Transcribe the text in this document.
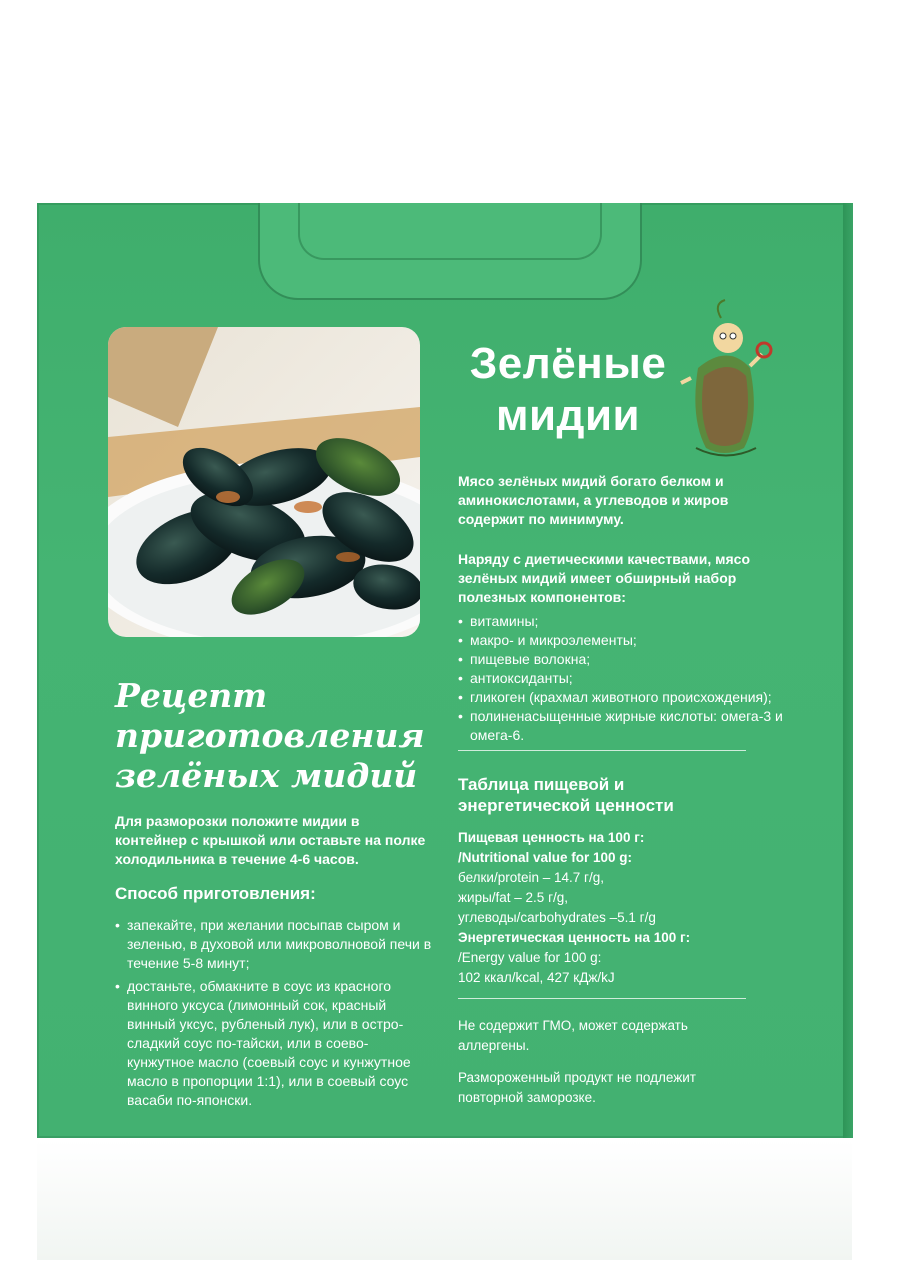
Зелёные
мидии
Мясо зелёных мидий богато белком и аминокислотами, а углеводов и жиров содержит по минимуму.
Наряду с диетическими качествами, мясо зелёных мидий имеет обширный набор полезных компонентов:
• витамины;
• макро- и микроэлементы;
• пищевые волокна;
• антиоксиданты;
• гликоген (крахмал животного происхождения);
• полиненасыщенные жирные кислоты: омега-3 и омега-6.
Таблица пищевой и энергетической ценности
Пищевая ценность на 100 г:
/Nutritional value for 100 g:
белки/protein – 14.7 г/g,
жиры/fat – 2.5 г/g,
углеводы/carbohydrates –5.1 г/g
Энергетическая ценность на 100 г:
/Energy value for 100 g:
102 ккал/kcal, 427 кДж/kJ

Не содержит ГМО, может содержать аллергены.

Размороженный продукт не подлежит повторной заморозке.

Рецепт
приготовления
зелёных мидий
Для разморозки положите мидии в контейнер с крышкой или оставьте на полке холодильника в течение 4-6 часов.
Способ приготовления:
• запекайте, при желании посыпав сыром и зеленью, в духовой или микроволновой печи в течение 5-8 минут;
• достаньте, обмакните в соус из красного винного уксуса (лимонный сок, красный винный уксус, рубленый лук), или в остро-сладкий соус по-тайски, или в соево-кунжутное масло (соевый соус и кунжутное масло в пропорции 1:1), или в соевый соус васаби по-японски.
